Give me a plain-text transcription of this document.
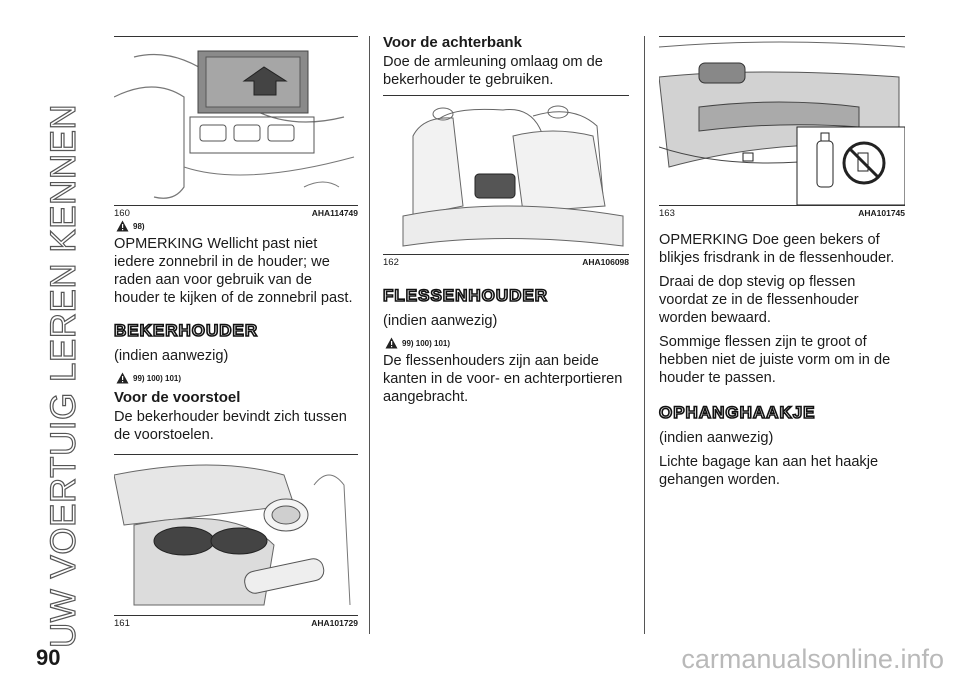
UW VOERTUIG LEREN KENNEN	160	AHA114749
98)

OPMERKING Wellicht past niet iedere zonnebril in de houder; we raden aan voor gebruik van de houder te kijken of de zonnebril past.

BEKERHOUDER

(indien aanwezig)

99) 100) 101)
Voor de voorstoel

De bekerhouder bevindt zich tussen de voorstoelen.

161	AHA101729
Voor de achterbank

Doe de armleuning omlaag om de bekerhouder te gebruiken.

162	AHA106098
FLESSENHOUDER

(indien aanwezig)

99) 100) 101)

De flessenhouders zijn aan beide kanten in de voor- en achterportieren aangebracht.

163	AHA101745

OPMERKING Doe geen bekers of blikjes frisdrank in de flessenhouder.

Draai de dop stevig op flessen voordat ze in de flessenhouder worden bewaard.

Sommige flessen zijn te groot of hebben niet de juiste vorm om in de houder te passen.

OPHANGHAAKJE

(indien aanwezig)

Lichte bagage kan aan het haakje gehangen worden.

90	carmanualsonline.info
